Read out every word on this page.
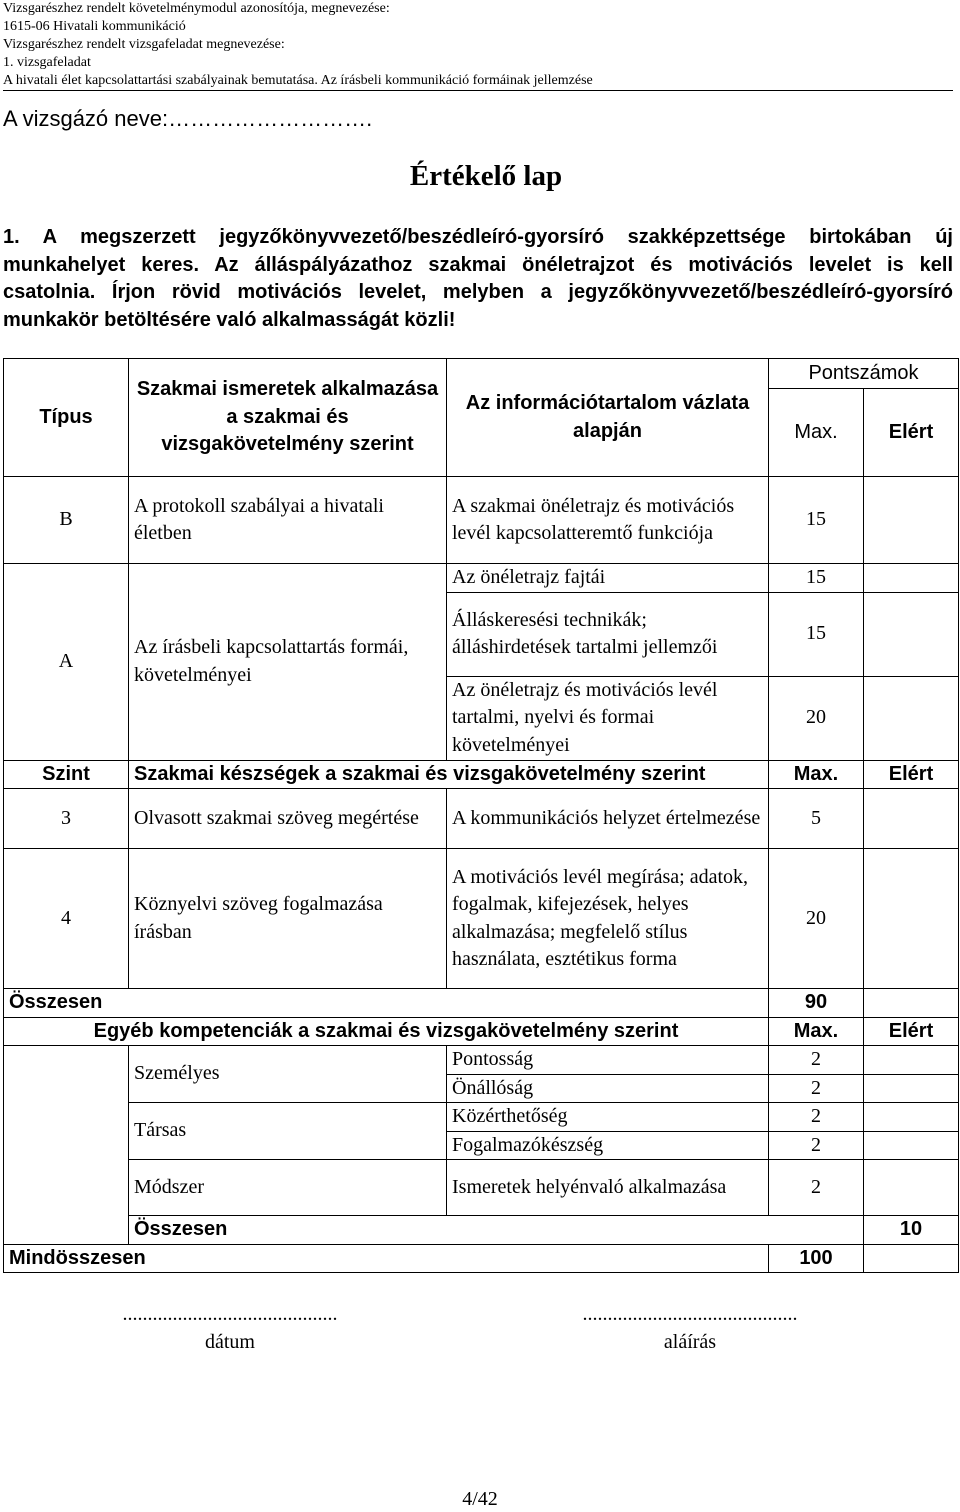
Vizsgarészhez rendelt követelménymodul azonosítója, megnevezése:
1615-06 Hivatali kommunikáció
Vizsgarészhez rendelt vizsgafeladat megnevezése:
1. vizsgafeladat
A hivatali élet kapcsolattartási szabályainak bemutatása. Az írásbeli kommunikáció formáinak jellemzése
A vizsgázó neve:……………………….
Értékelő lap
1. A megszerzett jegyzőkönyvvezető/beszédleíró-gyorsíró szakképzettsége birtokában új
munkahelyet keres. Az álláspályázathoz szakmai önéletrajzot és motivációs levelet is kell
csatolnia. Írjon rövid motivációs levelet, melyben a jegyzőkönyvvezető/beszédleíró-gyorsíró
munkakör betöltésére való alkalmasságát közli!
Típus	Szakmai ismeretek alkalmazása a szakmai és vizsgakövetelmény szerint	Az információtartalom vázlata alapján	Pontszámok		
			Max.	Elért	
B	A protokoll szabályai a hivatali életben	A szakmai önéletrajz és motivációs levél kapcsolatteremtő funkciója	15		
A	Az írásbeli kapcsolattartás formái, követelményei	Az önéletrajz fajtái	15		
		Álláskeresési technikák; álláshirdetések tartalmi jellemzői	15		
		Az önéletrajz és motivációs levél tartalmi, nyelvi és formai követelményei	20		
Szint	Szakmai készségek a szakmai és vizsgakövetelmény szerint		Max.	Elért	
3	Olvasott szakmai szöveg megértése	A kommunikációs helyzet értelmezése	5		
4	Köznyelvi szöveg fogalmazása írásban	A motivációs levél megírása; adatok, fogalmak, kifejezések, helyes alkalmazása; megfelelő stílus használata, esztétikus forma	20		
Összesen			90		
Egyéb kompetenciák a szakmai és vizsgakövetelmény szerint			Max.	Elért	
	Személyes	Pontosság	2		
		Önállóság	2		
	Társas	Közérthetőség	2		
		Fogalmazókészség	2		
	Módszer	Ismeretek helyénvaló alkalmazása	2		
	Összesen			10	
Mindösszesen			100		
...........................................
dátum
...........................................
aláírás
4/42
